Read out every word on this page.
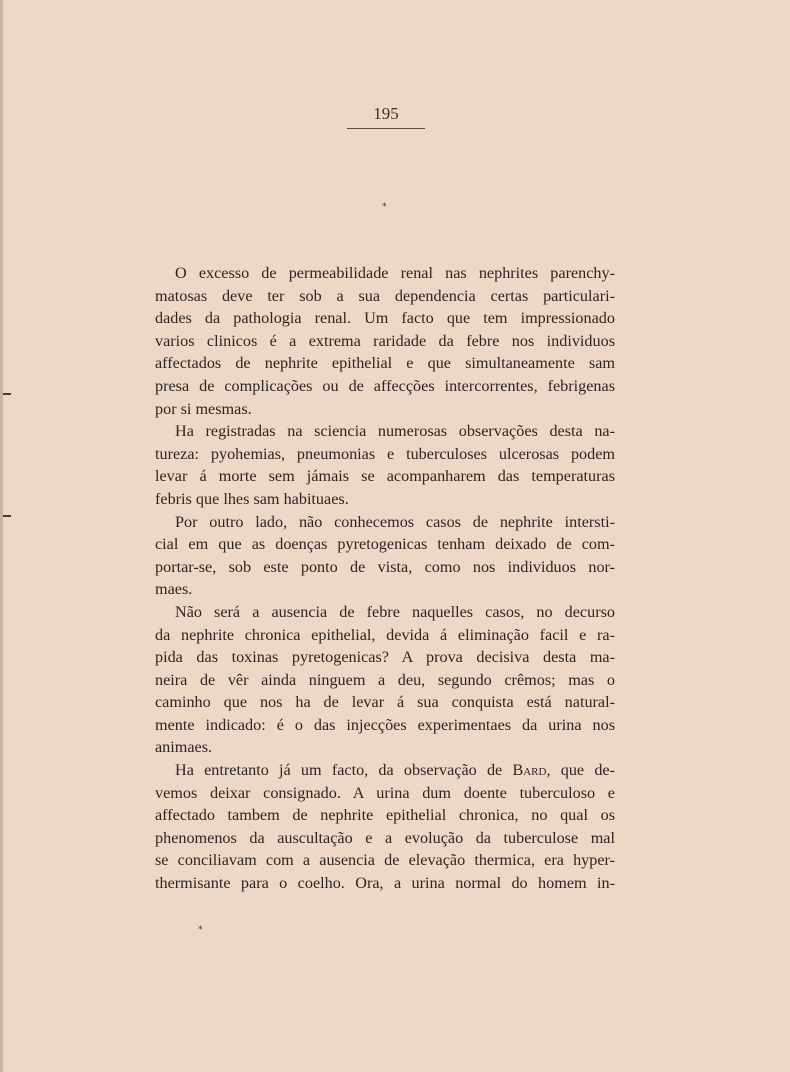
195
*
O excesso de permeabilidade renal nas nephrites parenchy-
matosas deve ter sob a sua dependencia certas particulari-
dades da pathologia renal. Um facto que tem impressionado
varios clinicos é a extrema raridade da febre nos individuos
affectados de nephrite epithelial e que simultaneamente sam
presa de complicações ou de affecções intercorrentes, febrigenas
por si mesmas.
Ha registradas na sciencia numerosas observações desta na-
tureza: pyohemias, pneumonias e tuberculoses ulcerosas podem
levar á morte sem jámais se acompanharem das temperaturas
febris que lhes sam habituaes.
Por outro lado, não conhecemos casos de nephrite intersti-
cial em que as doenças pyretogenicas tenham deixado de com-
portar-se, sob este ponto de vista, como nos individuos nor-
maes.
Não será a ausencia de febre naquelles casos, no decurso
da nephrite chronica epithelial, devida á eliminação facil e ra-
pida das toxinas pyretogenicas? A prova decisiva desta ma-
neira de vêr ainda ninguem a deu, segundo crêmos; mas o
caminho que nos ha de levar á sua conquista está natural-
mente indicado: é o das injecções experimentaes da urina nos
animaes.
Ha entretanto já um facto, da observação de Bard, que de-
vemos deixar consignado. A urina dum doente tuberculoso e
affectado tambem de nephrite epithelial chronica, no qual os
phenomenos da auscultação e a evolução da tuberculose mal
se conciliavam com a ausencia de elevação thermica, era hyper-
thermisante para o coelho. Ora, a urina normal do homem in-
*
